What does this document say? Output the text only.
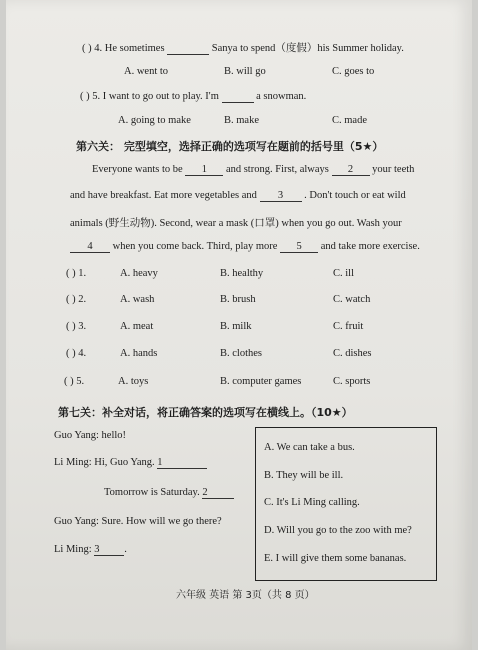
( ) 4. He sometimes	Sanya to spend（度假）his Summer holiday.
A. went to	B. will go	C. goes to
( ) 5. I want to go out to play. I'm	a snowman.
A. going to make	B. make	C. made
第六关： 完型填空，选择正确的选项写在题前的括号里（5★）
Everyone wants to be 1 and strong. First, always 2 your teeth
and have breakfast. Eat more vegetables and 3 . Don't touch or eat wild
animals (野生动物). Second, wear a mask (口罩) when you go out. Wash your
4 when you come back. Third, play more 5 and take more exercise.
( ) 1.	A. heavy	B. healthy	C. ill
( ) 2.	A. wash	B. brush	C. watch
( ) 3.	A. meat	B. milk	C. fruit
( ) 4.	A. hands	B. clothes	C. dishes
( ) 5.	A. toys	B. computer games	C. sports
第七关：补全对话，将正确答案的选项写在横线上。（10★）
Guo Yang: hello!
Li Ming: Hi, Guo Yang. 1
Tomorrow is Saturday. 2
Guo Yang: Sure. How will we go there?
Li Ming: 3 .
A. We can take a bus.
B. They will be ill.
C. It's Li Ming calling.
D. Will you go to the zoo with me?
E. I will give them some bananas.
六年级 英语 第 3页（共 8 页）
